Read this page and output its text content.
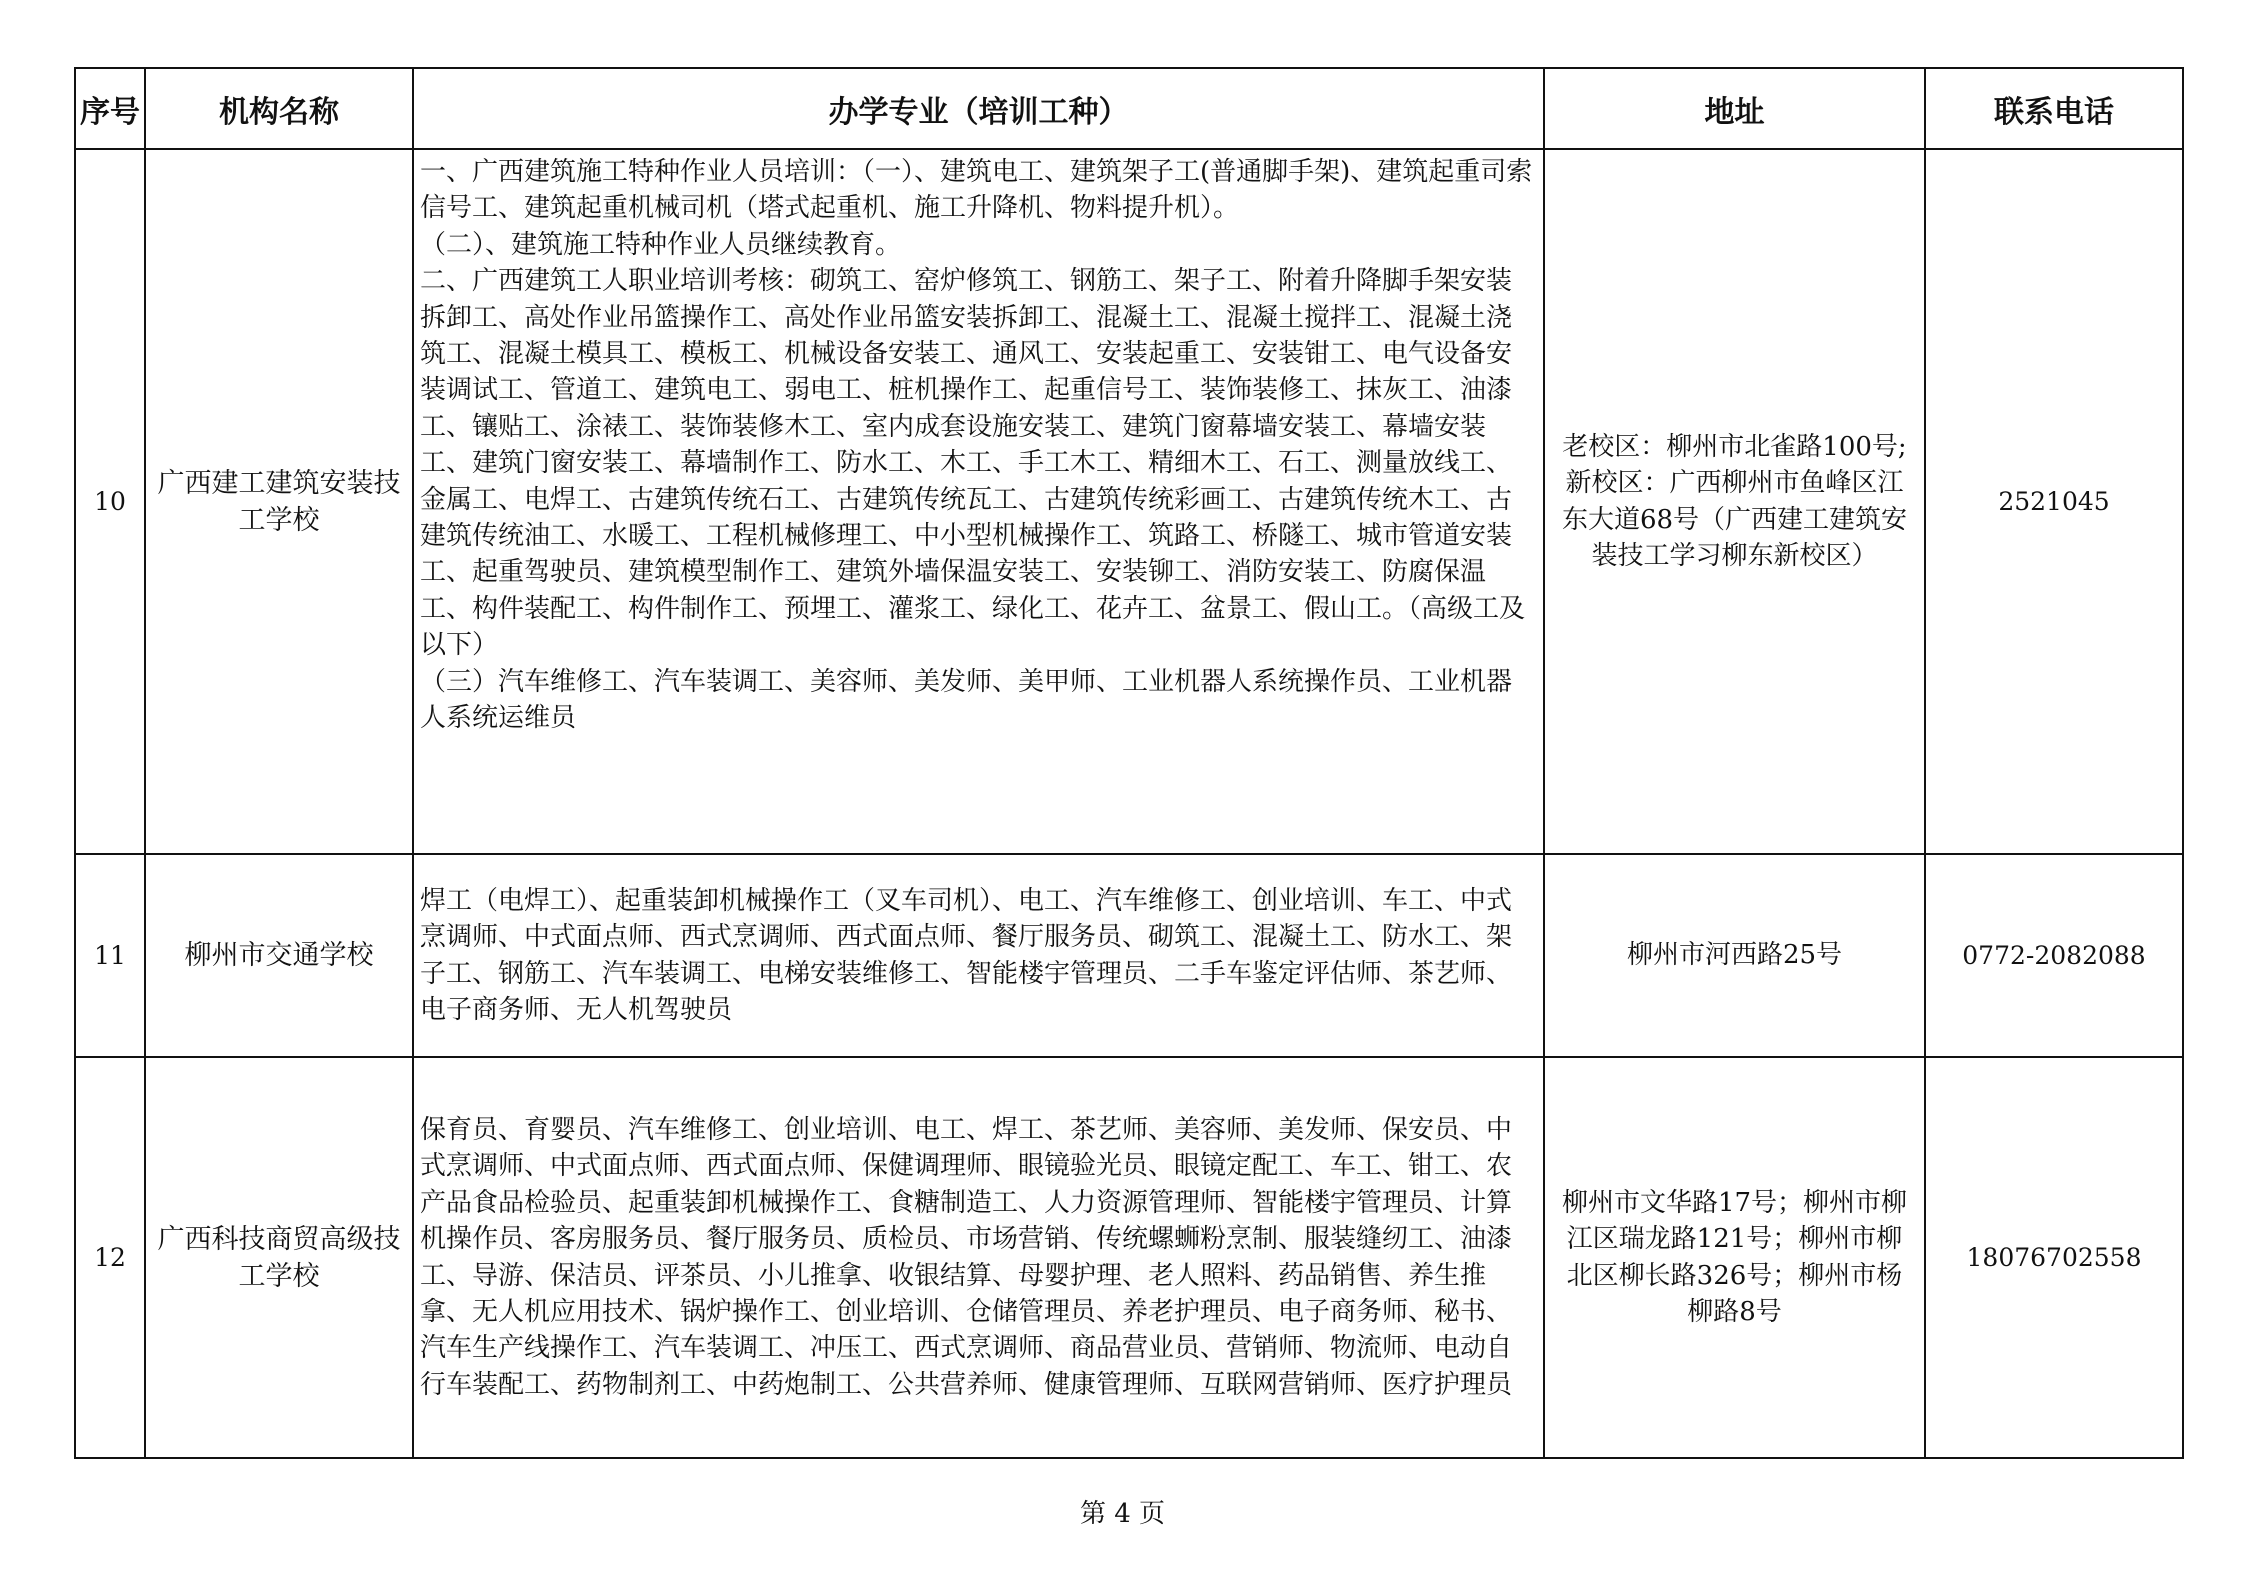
序号	机构名称	办学专业（培训工种）	地址	联系电话
10	广西建工建筑安装技工学校	一、广西建筑施工特种作业人员培训：（一）、建筑电工、建筑架子工(普通脚手架)、建筑起重司索信号工、建筑起重机械司机（塔式起重机、施工升降机、物料提升机）。
（二）、建筑施工特种作业人员继续教育。
二、广西建筑工人职业培训考核：砌筑工、窑炉修筑工、钢筋工、架子工、附着升降脚手架安装拆卸工、高处作业吊篮操作工、高处作业吊篮安装拆卸工、混凝土工、混凝土搅拌工、混凝土浇筑工、混凝土模具工、模板工、机械设备安装工、通风工、安装起重工、安装钳工、电气设备安装调试工、管道工、建筑电工、弱电工、桩机操作工、起重信号工、装饰装修工、抹灰工、油漆工、镶贴工、涂裱工、装饰装修木工、室内成套设施安装工、建筑门窗幕墙安装工、幕墙安装工、建筑门窗安装工、幕墙制作工、防水工、木工、手工木工、精细木工、石工、测量放线工、金属工、电焊工、古建筑传统石工、古建筑传统瓦工、古建筑传统彩画工、古建筑传统木工、古建筑传统油工、水暖工、工程机械修理工、中小型机械操作工、筑路工、桥隧工、城市管道安装工、起重驾驶员、建筑模型制作工、建筑外墙保温安装工、安装铆工、消防安装工、防腐保温工、构件装配工、构件制作工、预埋工、灌浆工、绿化工、花卉工、盆景工、假山工。（高级工及以下）
（三）汽车维修工、汽车装调工、美容师、美发师、美甲师、工业机器人系统操作员、工业机器人系统运维员	老校区：柳州市北雀路100号;新校区：广西柳州市鱼峰区江东大道68号（广西建工建筑安装技工学习柳东新校区）	2521045
11	柳州市交通学校	焊工（电焊工）、起重装卸机械操作工（叉车司机）、电工、汽车维修工、创业培训、车工、中式烹调师、中式面点师、西式烹调师、西式面点师、餐厅服务员、砌筑工、混凝土工、防水工、架子工、钢筋工、汽车装调工、电梯安装维修工、智能楼宇管理员、二手车鉴定评估师、茶艺师、电子商务师、无人机驾驶员	柳州市河西路25号	0772-2082088
12	广西科技商贸高级技工学校	保育员、育婴员、汽车维修工、创业培训、电工、焊工、茶艺师、美容师、美发师、保安员、中式烹调师、中式面点师、西式面点师、保健调理师、眼镜验光员、眼镜定配工、车工、钳工、农产品食品检验员、起重装卸机械操作工、食糖制造工、人力资源管理师、智能楼宇管理员、计算机操作员、客房服务员、餐厅服务员、质检员、市场营销、传统螺蛳粉烹制、服装缝纫工、油漆工、导游、保洁员、评茶员、小儿推拿、收银结算、母婴护理、老人照料、药品销售、养生推拿、无人机应用技术、锅炉操作工、创业培训、仓储管理员、养老护理员、电子商务师、秘书、汽车生产线操作工、汽车装调工、冲压工、西式烹调师、商品营业员、营销师、物流师、电动自行车装配工、药物制剂工、中药炮制工、公共营养师、健康管理师、互联网营销师、医疗护理员	柳州市文华路17号；柳州市柳江区瑞龙路121号；柳州市柳北区柳长路326号；柳州市杨柳路8号	18076702558
第 4 页
